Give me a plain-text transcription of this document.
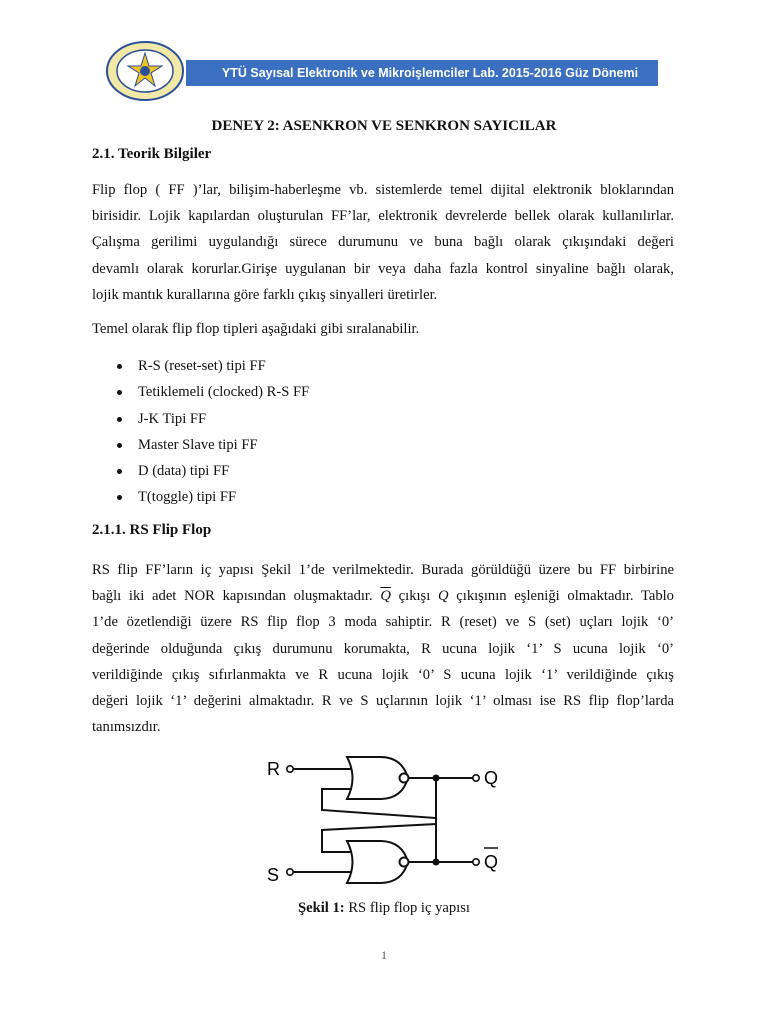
YTÜ Sayısal Elektronik ve Mikroişlemciler Lab. 2015-2016 Güz Dönemi
DENEY 2: ASENKRON VE SENKRON SAYICILAR
2.1. Teorik Bilgiler
Flip flop ( FF )’lar, bilişim-haberleşme vb. sistemlerde temel dijital elektronik bloklarından
birisidir. Lojik kapılardan oluşturulan FF’lar, elektronik devrelerde bellek olarak kullanılırlar.
Çalışma gerilimi uygulandığı sürece durumunu ve buna bağlı olarak çıkışındaki değeri
devamlı olarak korurlar.Girişe uygulanan bir veya daha fazla kontrol sinyaline bağlı olarak,
lojik mantık kurallarına göre farklı çıkış sinyalleri üretirler.
Temel olarak flip flop tipleri aşağıdaki gibi sıralanabilir.
R-S (reset-set) tipi FF
Tetiklemeli (clocked) R-S FF
J-K Tipi FF
Master Slave tipi FF
D (data) tipi FF
T(toggle) tipi FF
2.1.1. RS Flip Flop
RS flip FF’ların iç yapısı Şekil 1’de verilmektedir. Burada görüldüğü üzere bu FF birbirine
bağlı iki adet NOR kapısından oluşmaktadır. $\overline{Q}$ çıkışı Q çıkışının eşleniği olmaktadır. Tablo
1’de özetlendiği üzere RS flip flop 3 moda sahiptir. R (reset) ve S (set) uçları lojik ‘0’
değerinde olduğunda çıkış durumunu korumakta, R ucuna lojik ‘1’ S ucuna lojik ‘0’
verildiğinde çıkış sıfırlanmakta ve R ucuna lojik ‘0’ S ucuna lojik ‘1’ verildiğinde çıkış
değeri lojik ‘1’ değerini almaktadır. R ve S uçlarının lojik ‘1’ olması ise RS flip flop’larda
tanımsızdır.
R
S
Q
Q
Şekil 1: RS flip flop iç yapısı
1
